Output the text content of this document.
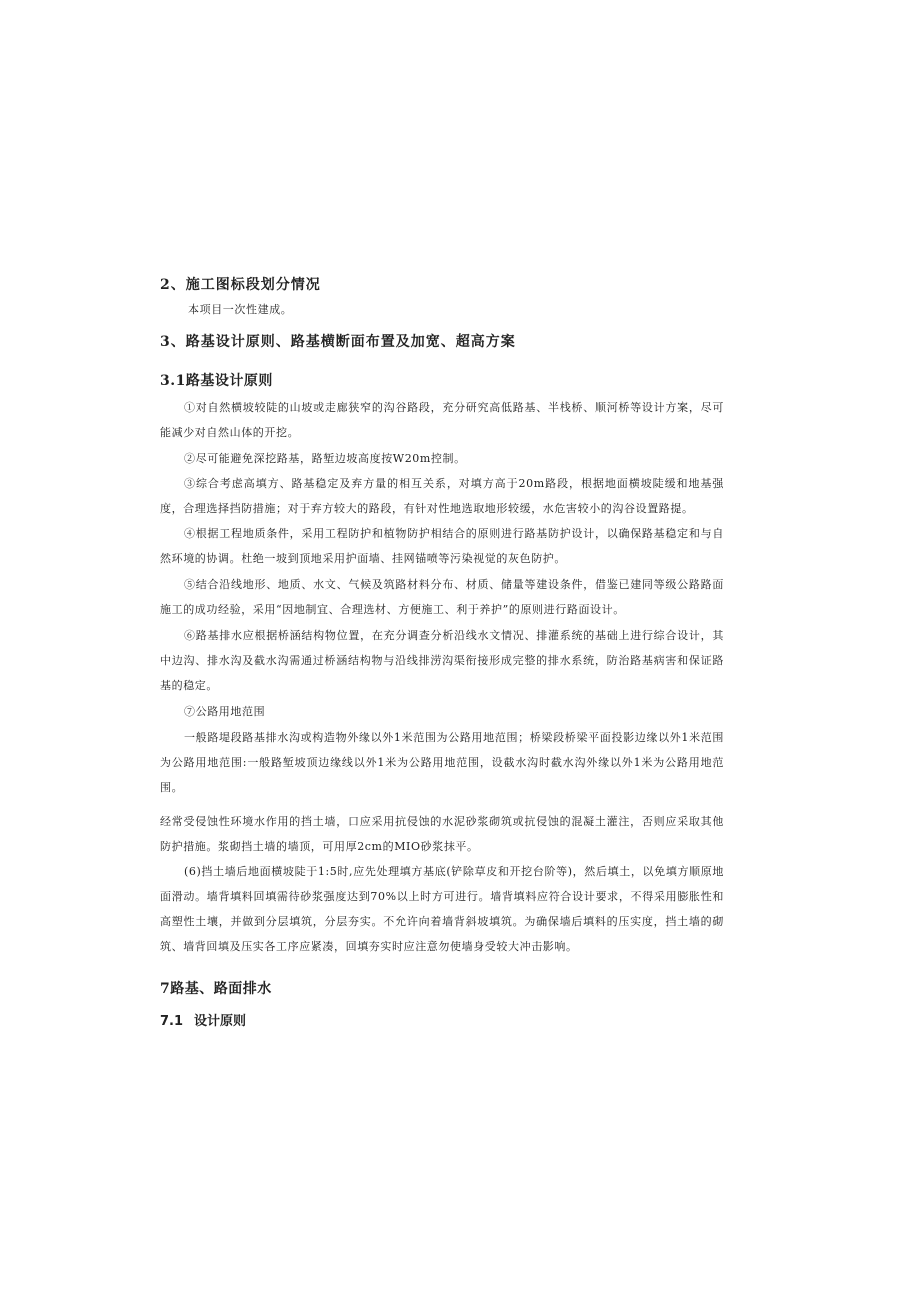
2、施工图标段划分情况

本项目一次性建成。

3、路基设计原则、路基横断面布置及加宽、超高方案

3.1路基设计原则

①对自然横坡较陡的山坡或走廊狭窄的沟谷路段，充分研究高低路基、半栈桥、顺河桥等设计方案，尽可能减少对自然山体的开挖。

②尽可能避免深挖路基，路堑边坡高度按W20m控制。

③综合考虑高填方、路基稳定及弃方量的相互关系，对填方高于20m路段，根据地面横坡陡缓和地基强度，合理选择挡防措施；对于弃方较大的路段，有针对性地选取地形较缓，水危害较小的沟谷设置路提。

④根据工程地质条件，采用工程防护和植物防护相结合的原则进行路基防护设计，以确保路基稳定和与自然环境的协调。杜绝一坡到顶地采用护面墙、挂网锚喷等污染视觉的灰色防护。

⑤结合沿线地形、地质、水文、气候及筑路材料分布、材质、储量等建设条件，借鉴已建同等级公路路面施工的成功经验，采用“因地制宜、合理选材、方便施工、利于养护”的原则进行路面设计。

⑥路基排水应根据桥涵结构物位置，在充分调查分析沿线水文情况、排灌系统的基础上进行综合设计，其中边沟、排水沟及截水沟需通过桥涵结构物与沿线排涝沟渠衔接形成完整的排水系统，防治路基病害和保证路基的稳定。

⑦公路用地范围

一般路堤段路基排水沟或构造物外缘以外1米范围为公路用地范围；桥梁段桥梁平面投影边缘以外1米范围为公路用地范围:一般路堑坡顶边缘线以外1米为公路用地范围，设截水沟时截水沟外缘以外1米为公路用地范围。

经常受侵蚀性环境水作用的挡土墙，口应采用抗侵蚀的水泥砂浆砌筑或抗侵蚀的混凝土灌注，否则应采取其他防护措施。浆砌挡土墙的墙顶，可用厚2cm的MIO砂浆抹平。

(6)挡土墙后地面横坡陡于1:5时,应先处理填方基底(铲除草皮和开挖台阶等)，然后填土，以免填方顺原地面滑动。墙背填料回填需待砂浆强度达到70%以上时方可进行。墙背填料应符合设计要求，不得采用膨胀性和高塑性土壤，并做到分层填筑，分层夯实。不允许向着墙背斜坡填筑。为确保墙后填料的压实度，挡土墙的砌筑、墙背回填及压实各工序应紧凑，回填夯实时应注意勿使墙身受较大冲击影响。

7路基、路面排水

7.1 设计原则
